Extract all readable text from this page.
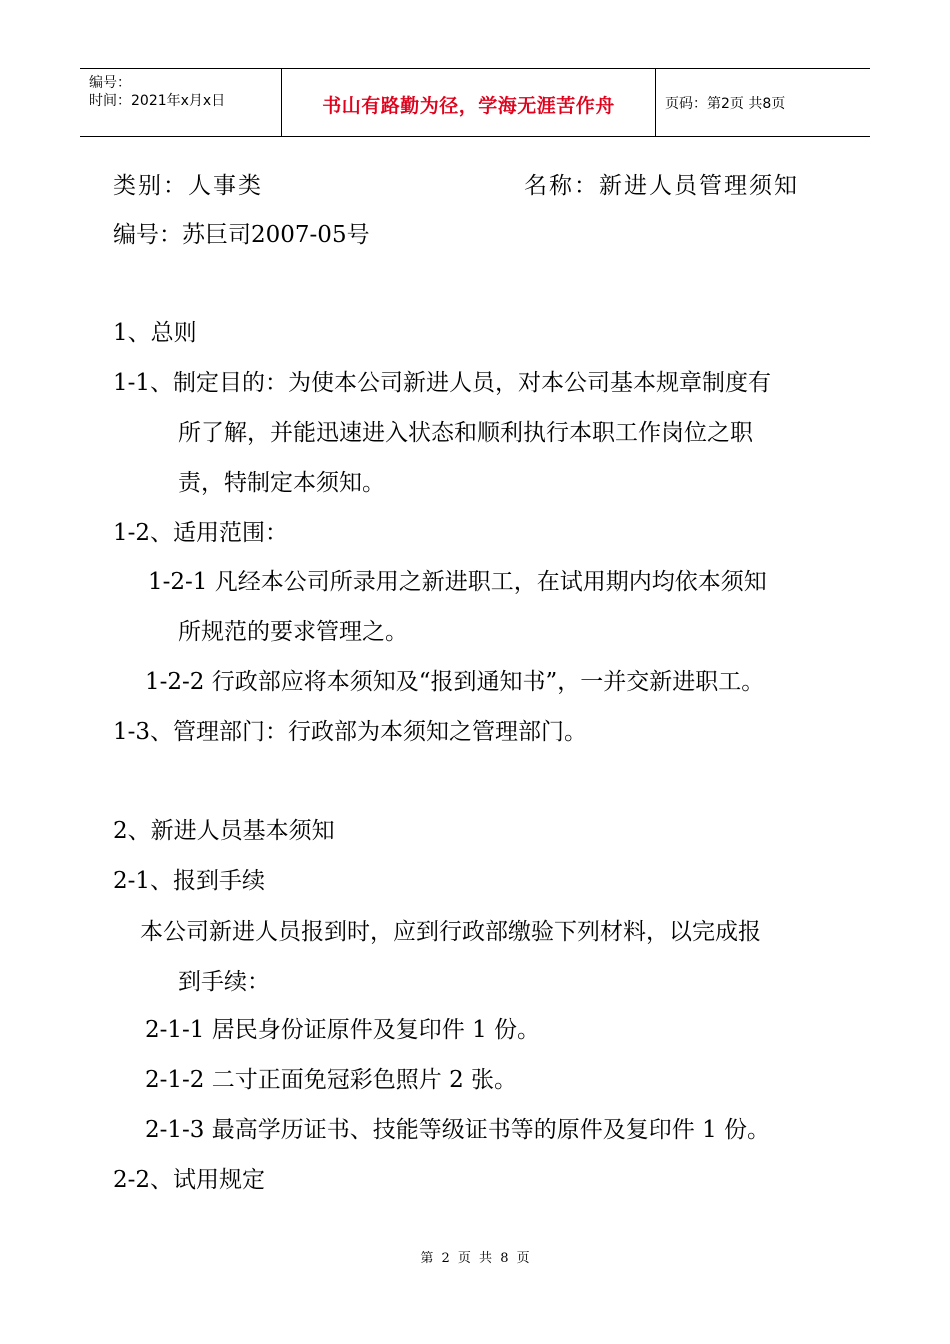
编号：
时间：2021年x月x日	书山有路勤为径，学海无涯苦作舟	页码：第2页 共8页
类别：人事类	名称：新进人员管理须知
编号：苏巨司2007-05号
1、总则
1-1、制定目的：为使本公司新进人员，对本公司基本规章制度有
所了解，并能迅速进入状态和顺利执行本职工作岗位之职
责，特制定本须知。
1-2、适用范围：
1-2-1 凡经本公司所录用之新进职工，在试用期内均依本须知
所规范的要求管理之。
1-2-2 行政部应将本须知及“报到通知书”，一并交新进职工。
1-3、管理部门：行政部为本须知之管理部门。
2、新进人员基本须知
2-1、报到手续
本公司新进人员报到时，应到行政部缴验下列材料，以完成报
到手续：
2-1-1 居民身份证原件及复印件 1 份。
2-1-2 二寸正面免冠彩色照片 2 张。
2-1-3 最高学历证书、技能等级证书等的原件及复印件 1 份。
2-2、试用规定
第 2 页 共 8 页
